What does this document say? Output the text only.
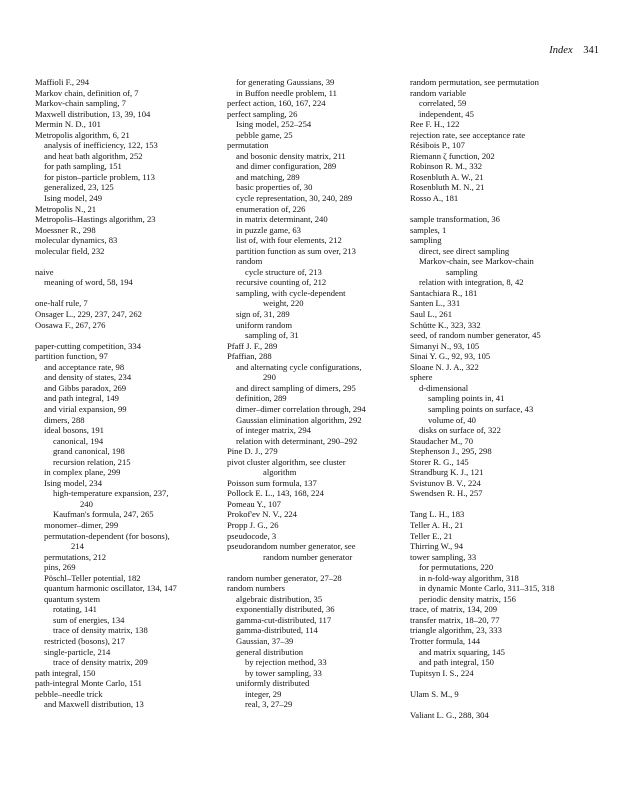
Index 341
Maffioli F., 294
Markov chain, definition of, 7
Markov-chain sampling, 7
Maxwell distribution, 13, 39, 104
Mermin N. D., 101
Metropolis algorithm, 6, 21
analysis of inefficiency, 122, 153
and heat bath algorithm, 252
for path sampling, 151
for piston–particle problem, 113
generalized, 23, 125
Ising model, 249
Metropolis N., 21
Metropolis–Hastings algorithm, 23
Moessner R., 298
molecular dynamics, 83
molecular field, 232
naive
meaning of word, 58, 194
one-half rule, 7
Onsager L., 229, 237, 247, 262
Oosawa F., 267, 276
paper-cutting competition, 334
partition function, 97
and acceptance rate, 98
and density of states, 234
and Gibbs paradox, 269
and path integral, 149
and virial expansion, 99
dimers, 288
ideal bosons, 191
canonical, 194
grand canonical, 198
recursion relation, 215
in complex plane, 299
Ising model, 234
high-temperature expansion, 237,
240
Kaufman's formula, 247, 265
monomer–dimer, 299
permutation-dependent (for bosons),
214
permutations, 212
pins, 269
Pöschl–Teller potential, 182
quantum harmonic oscillator, 134, 147
quantum system
rotating, 141
sum of energies, 134
trace of density matrix, 138
restricted (bosons), 217
single-particle, 214
trace of density matrix, 209
path integral, 150
path-integral Monte Carlo, 151
pebble–needle trick
and Maxwell distribution, 13
for generating Gaussians, 39
in Buffon needle problem, 11
perfect action, 160, 167, 224
perfect sampling, 26
Ising model, 252–254
pebble game, 25
permutation
and bosonic density matrix, 211
and dimer configuration, 289
and matching, 289
basic properties of, 30
cycle representation, 30, 240, 289
enumeration of, 226
in matrix determinant, 240
in puzzle game, 63
list of, with four elements, 212
partition function as sum over, 213
random
cycle structure of, 213
recursive counting of, 212
sampling, with cycle-dependent
weight, 220
sign of, 31, 289
uniform random
sampling of, 31
Pfaff J. F., 289
Pfaffian, 288
and alternating cycle configurations,
290
and direct sampling of dimers, 295
definition, 289
dimer–dimer correlation through, 294
Gaussian elimination algorithm, 292
of integer matrix, 294
relation with determinant, 290–292
Pine D. J., 279
pivot cluster algorithm, see cluster
algorithm
Poisson sum formula, 137
Pollock E. L., 143, 168, 224
Pomeau Y., 107
Prokof'ev N. V., 224
Propp J. G., 26
pseudocode, 3
pseudorandom number generator, see
random number generator
random number generator, 27–28
random numbers
algebraic distribution, 35
exponentially distributed, 36
gamma-cut-distributed, 117
gamma-distributed, 114
Gaussian, 37–39
general distribution
by rejection method, 33
by tower sampling, 33
uniformly distributed
integer, 29
real, 3, 27–29
random permutation, see permutation
random variable
correlated, 59
independent, 45
Ree F. H., 122
rejection rate, see acceptance rate
Résibois P., 107
Riemann ζ function, 202
Robinson R. M., 332
Rosenbluth A. W., 21
Rosenbluth M. N., 21
Rosso A., 181
sample transformation, 36
samples, 1
sampling
direct, see direct sampling
Markov-chain, see Markov-chain
sampling
relation with integration, 8, 42
Santachiara R., 181
Santen L., 331
Saul L., 261
Schütte K., 323, 332
seed, of random number generator, 45
Simanyi N., 93, 105
Sinai Y. G., 92, 93, 105
Sloane N. J. A., 322
sphere
d-dimensional
sampling points in, 41
sampling points on surface, 43
volume of, 40
disks on surface of, 322
Staudacher M., 70
Stephenson J., 295, 298
Storer R. G., 145
Strandburg K. J., 121
Svistunov B. V., 224
Swendsen R. H., 257
Tang L. H., 183
Teller A. H., 21
Teller E., 21
Thirring W., 94
tower sampling, 33
for permutations, 220
in n-fold-way algorithm, 318
in dynamic Monte Carlo, 311–315, 318
periodic density matrix, 156
trace, of matrix, 134, 209
transfer matrix, 18–20, 77
triangle algorithm, 23, 333
Trotter formula, 144
and matrix squaring, 145
and path integral, 150
Tupitsyn I. S., 224
Ulam S. M., 9
Valiant L. G., 288, 304
